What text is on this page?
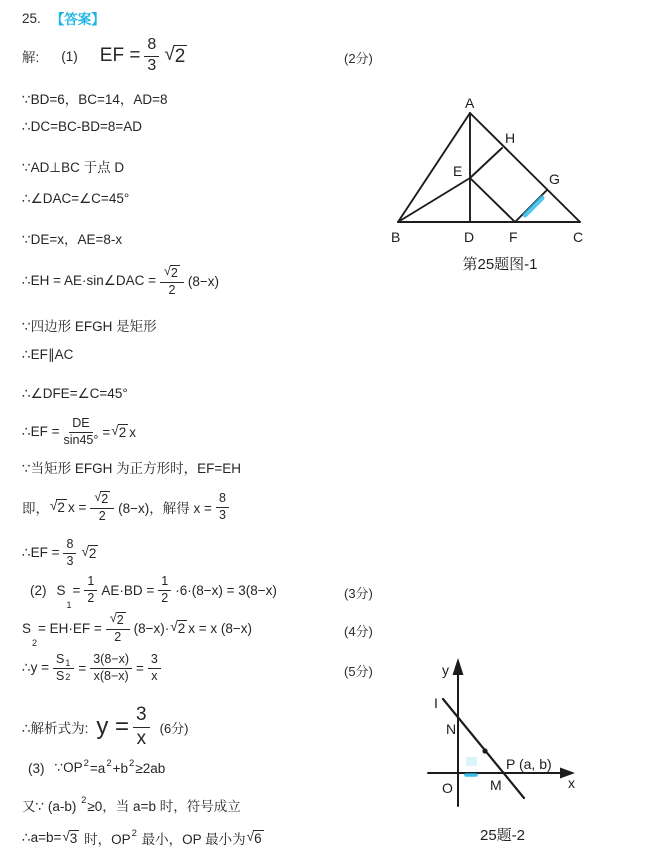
25. 【答案】
解: (1) EF = $\frac{8}{3}$ √ 2	(2分)
∵BD=6，BC=14，AD=8
∴DC=BC-BD=8=AD
∵AD⊥BC 于点 D
∴∠DAC=∠C=45°
∵DE=x，AE=8-x
∴EH = AE·sin∠DAC = $\frac{√ 2}{2} (8-x)$
∵四边形 EFGH 是矩形
∴EF∥AC
∴∠DFE=∠C=45°
∴EF = $\frac{DE}{\sin 45^\circ}$ = √ 2 x
∵当矩形 EFGH 为正方形时，EF=EH
即， √ 2 $x = \frac{√ 2}{2} (8-x)$，解得 $x = \frac{8}{3}$
∴EF = $\frac{8}{3}$ √ 2
(2) S
1
= $\frac{1}{2} AE\cdot BD = \frac{1}{2} \cdot 6\cdot(8-x) = 3(8-x)$	(3分)
S
2
= $EH\cdot EF = \frac{√ 2}{2} (8-x)\cdot$ √ 2 x = x (8−x)	(4分)
∴y = $\frac{S 1}{S2} = \frac{3(8-x)}{x(8-x)} = \frac{3}{x}$	(5分)
∴解析式为: $y = \frac{3}{x} (6$分)
(3) ∵OP 2 =a 2 +b 2 ≥2ab
又∵ (a-b) 2 ≥0，当 a=b 时，符号成立
∴a=b= √ 3 时，OP 2 最小，OP 最小为 √ 6
A
B	C
D
E
F
G
H
第25题图-1
y
x
O
I
N
M
P (a, b)
25题-2
